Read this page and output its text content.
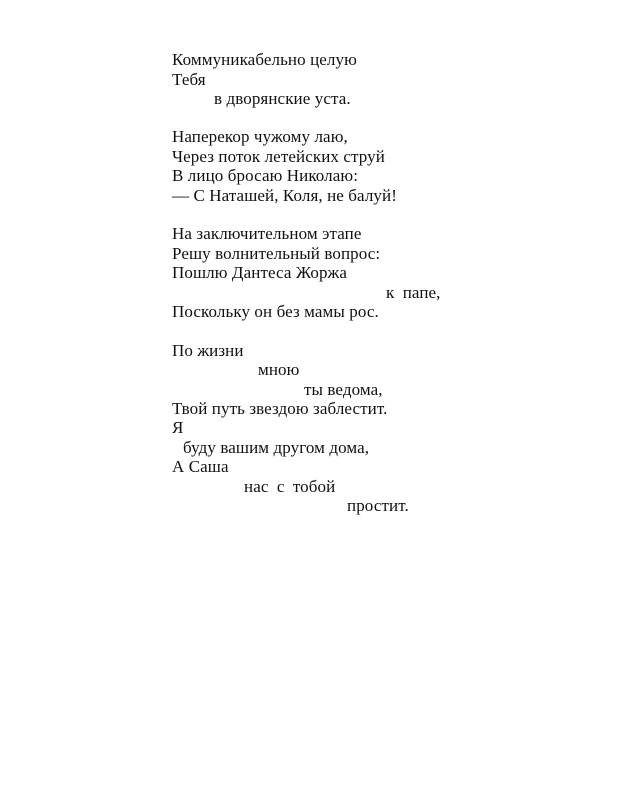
Коммуникабельно целую
Тебя
в дворянские уста.
Наперекор чужому лаю,
Через поток летейских струй
В лицо бросаю Николаю:
— С Наташей, Коля, не балуй!
На заключительном этапе
Решу волнительный вопрос:
Пошлю Дантеса Жоржа
к папе,
Поскольку он без мамы рос.
По жизни
мною
ты ведома,
Твой путь звездою заблестит.
Я
буду вашим другом дома,
А Саша
нас с тобой
простит.
